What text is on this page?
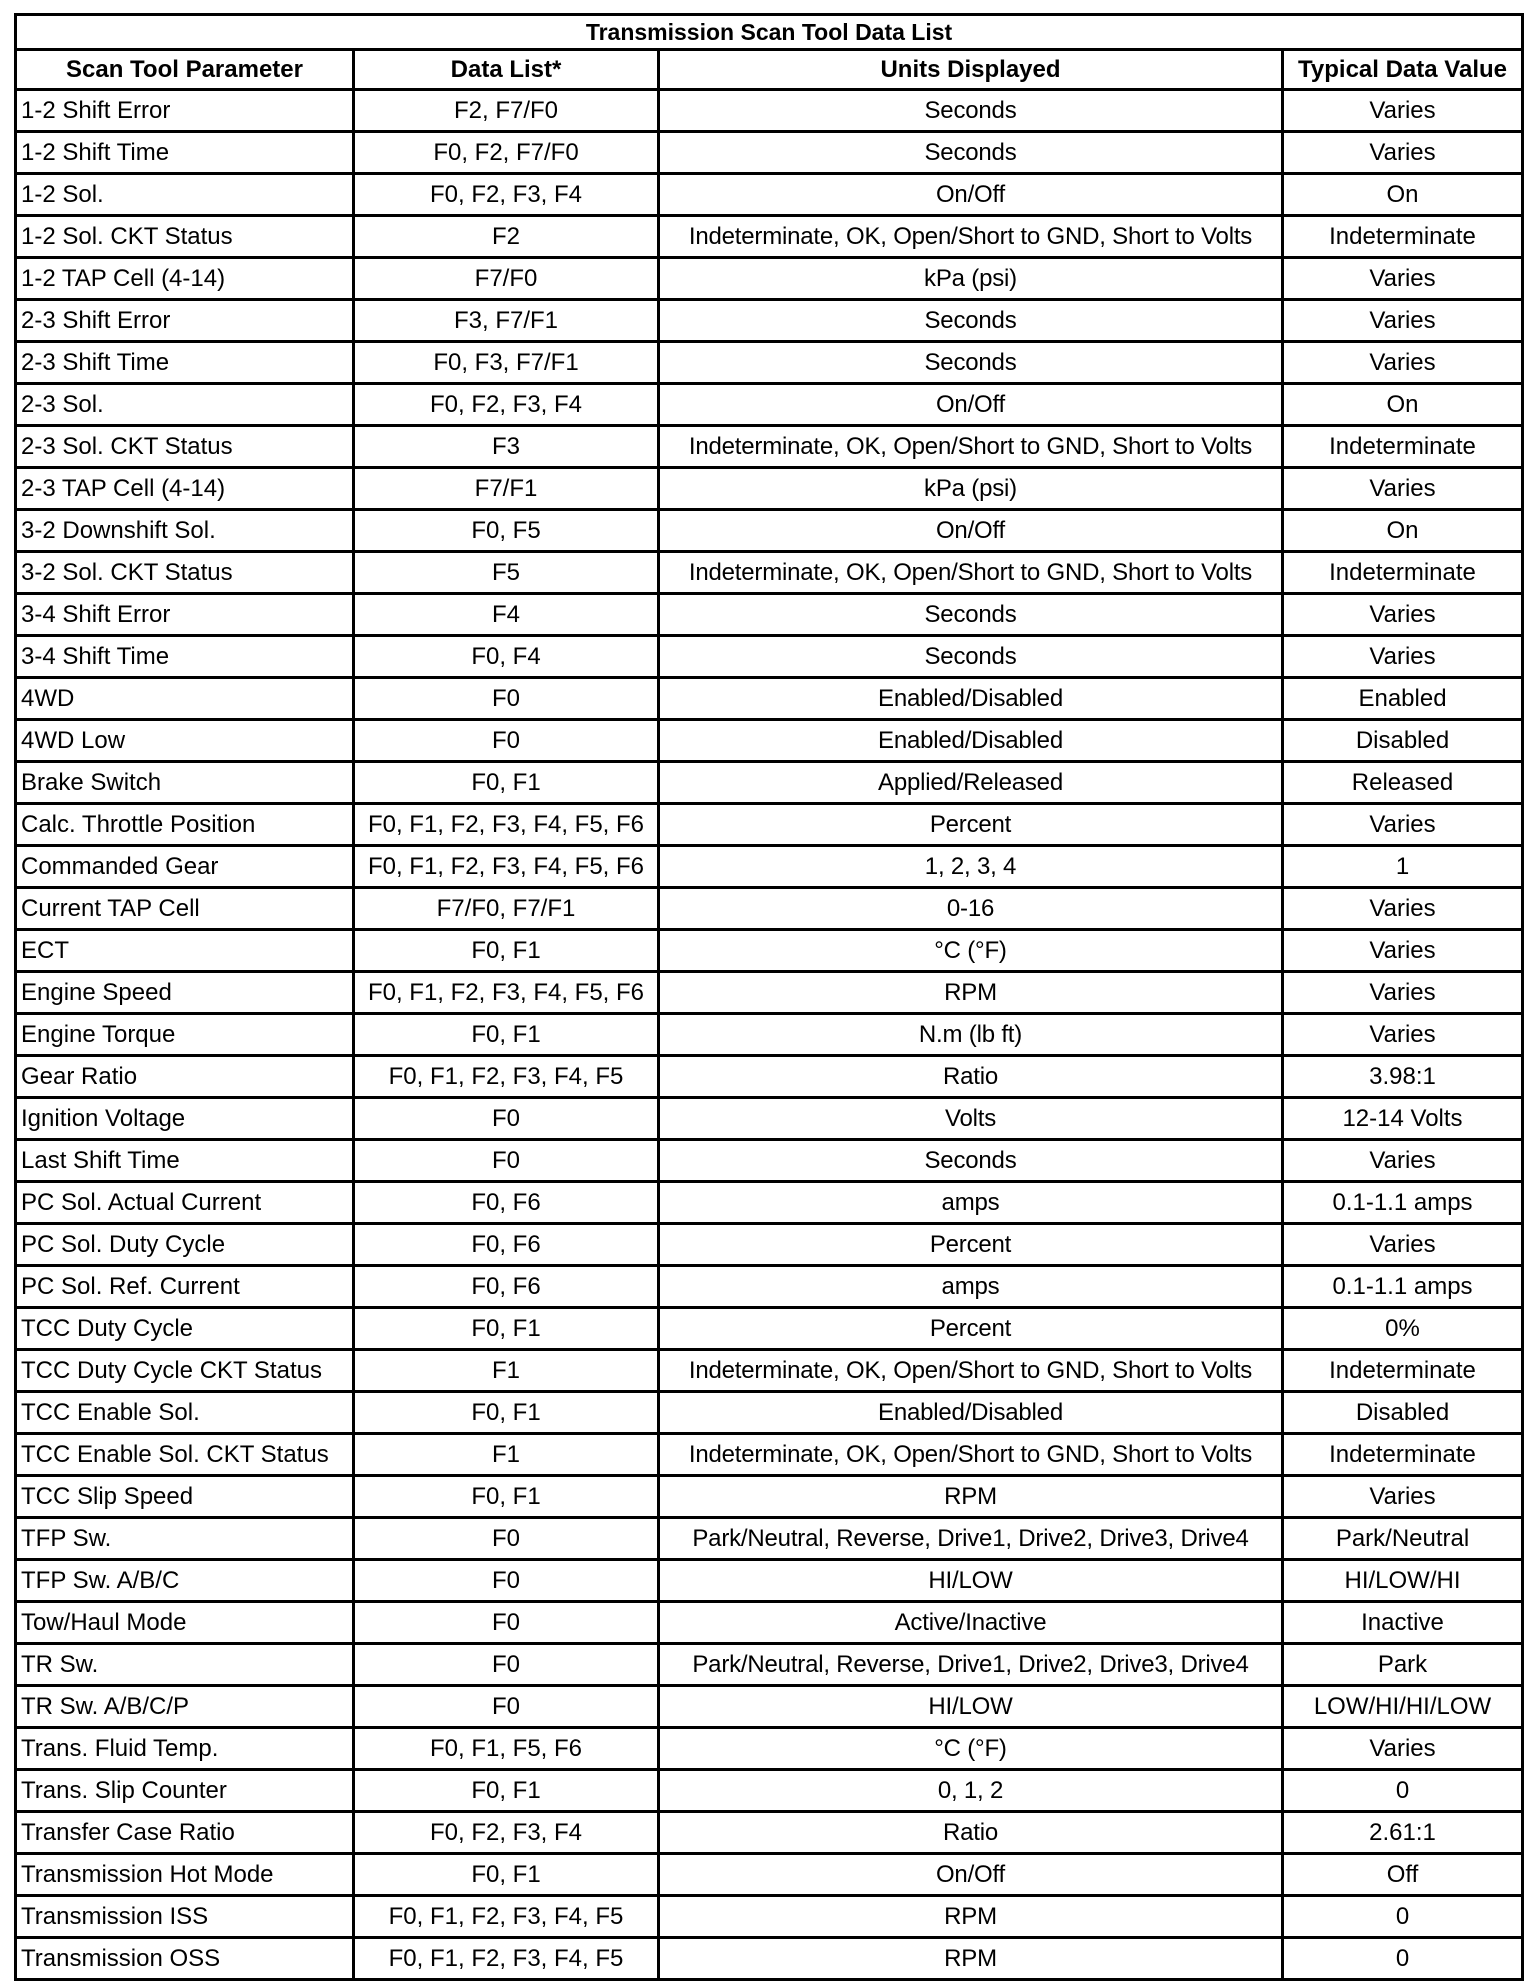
Transmission Scan Tool Data List			
Scan Tool Parameter	Data List*	Units Displayed	Typical Data Value
1-2 Shift Error	F2, F7/F0	Seconds	Varies
1-2 Shift Time	F0, F2, F7/F0	Seconds	Varies
1-2 Sol.	F0, F2, F3, F4	On/Off	On
1-2 Sol. CKT Status	F2	Indeterminate, OK, Open/Short to GND, Short to Volts	Indeterminate
1-2 TAP Cell (4-14)	F7/F0	kPa (psi)	Varies
2-3 Shift Error	F3, F7/F1	Seconds	Varies
2-3 Shift Time	F0, F3, F7/F1	Seconds	Varies
2-3 Sol.	F0, F2, F3, F4	On/Off	On
2-3 Sol. CKT Status	F3	Indeterminate, OK, Open/Short to GND, Short to Volts	Indeterminate
2-3 TAP Cell (4-14)	F7/F1	kPa (psi)	Varies
3-2 Downshift Sol.	F0, F5	On/Off	On
3-2 Sol. CKT Status	F5	Indeterminate, OK, Open/Short to GND, Short to Volts	Indeterminate
3-4 Shift Error	F4	Seconds	Varies
3-4 Shift Time	F0, F4	Seconds	Varies
4WD	F0	Enabled/Disabled	Enabled
4WD Low	F0	Enabled/Disabled	Disabled
Brake Switch	F0, F1	Applied/Released	Released
Calc. Throttle Position	F0, F1, F2, F3, F4, F5, F6	Percent	Varies
Commanded Gear	F0, F1, F2, F3, F4, F5, F6	1, 2, 3, 4	1
Current TAP Cell	F7/F0, F7/F1	0-16	Varies
ECT	F0, F1	°C (°F)	Varies
Engine Speed	F0, F1, F2, F3, F4, F5, F6	RPM	Varies
Engine Torque	F0, F1	N.m (lb ft)	Varies
Gear Ratio	F0, F1, F2, F3, F4, F5	Ratio	3.98:1
Ignition Voltage	F0	Volts	12-14 Volts
Last Shift Time	F0	Seconds	Varies
PC Sol. Actual Current	F0, F6	amps	0.1-1.1 amps
PC Sol. Duty Cycle	F0, F6	Percent	Varies
PC Sol. Ref. Current	F0, F6	amps	0.1-1.1 amps
TCC Duty Cycle	F0, F1	Percent	0%
TCC Duty Cycle CKT Status	F1	Indeterminate, OK, Open/Short to GND, Short to Volts	Indeterminate
TCC Enable Sol.	F0, F1	Enabled/Disabled	Disabled
TCC Enable Sol. CKT Status	F1	Indeterminate, OK, Open/Short to GND, Short to Volts	Indeterminate
TCC Slip Speed	F0, F1	RPM	Varies
TFP Sw.	F0	Park/Neutral, Reverse, Drive1, Drive2, Drive3, Drive4	Park/Neutral
TFP Sw. A/B/C	F0	HI/LOW	HI/LOW/HI
Tow/Haul Mode	F0	Active/Inactive	Inactive
TR Sw.	F0	Park/Neutral, Reverse, Drive1, Drive2, Drive3, Drive4	Park
TR Sw. A/B/C/P	F0	HI/LOW	LOW/HI/HI/LOW
Trans. Fluid Temp.	F0, F1, F5, F6	°C (°F)	Varies
Trans. Slip Counter	F0, F1	0, 1, 2	0
Transfer Case Ratio	F0, F2, F3, F4	Ratio	2.61:1
Transmission Hot Mode	F0, F1	On/Off	Off
Transmission ISS	F0, F1, F2, F3, F4, F5	RPM	0
Transmission OSS	F0, F1, F2, F3, F4, F5	RPM	0
